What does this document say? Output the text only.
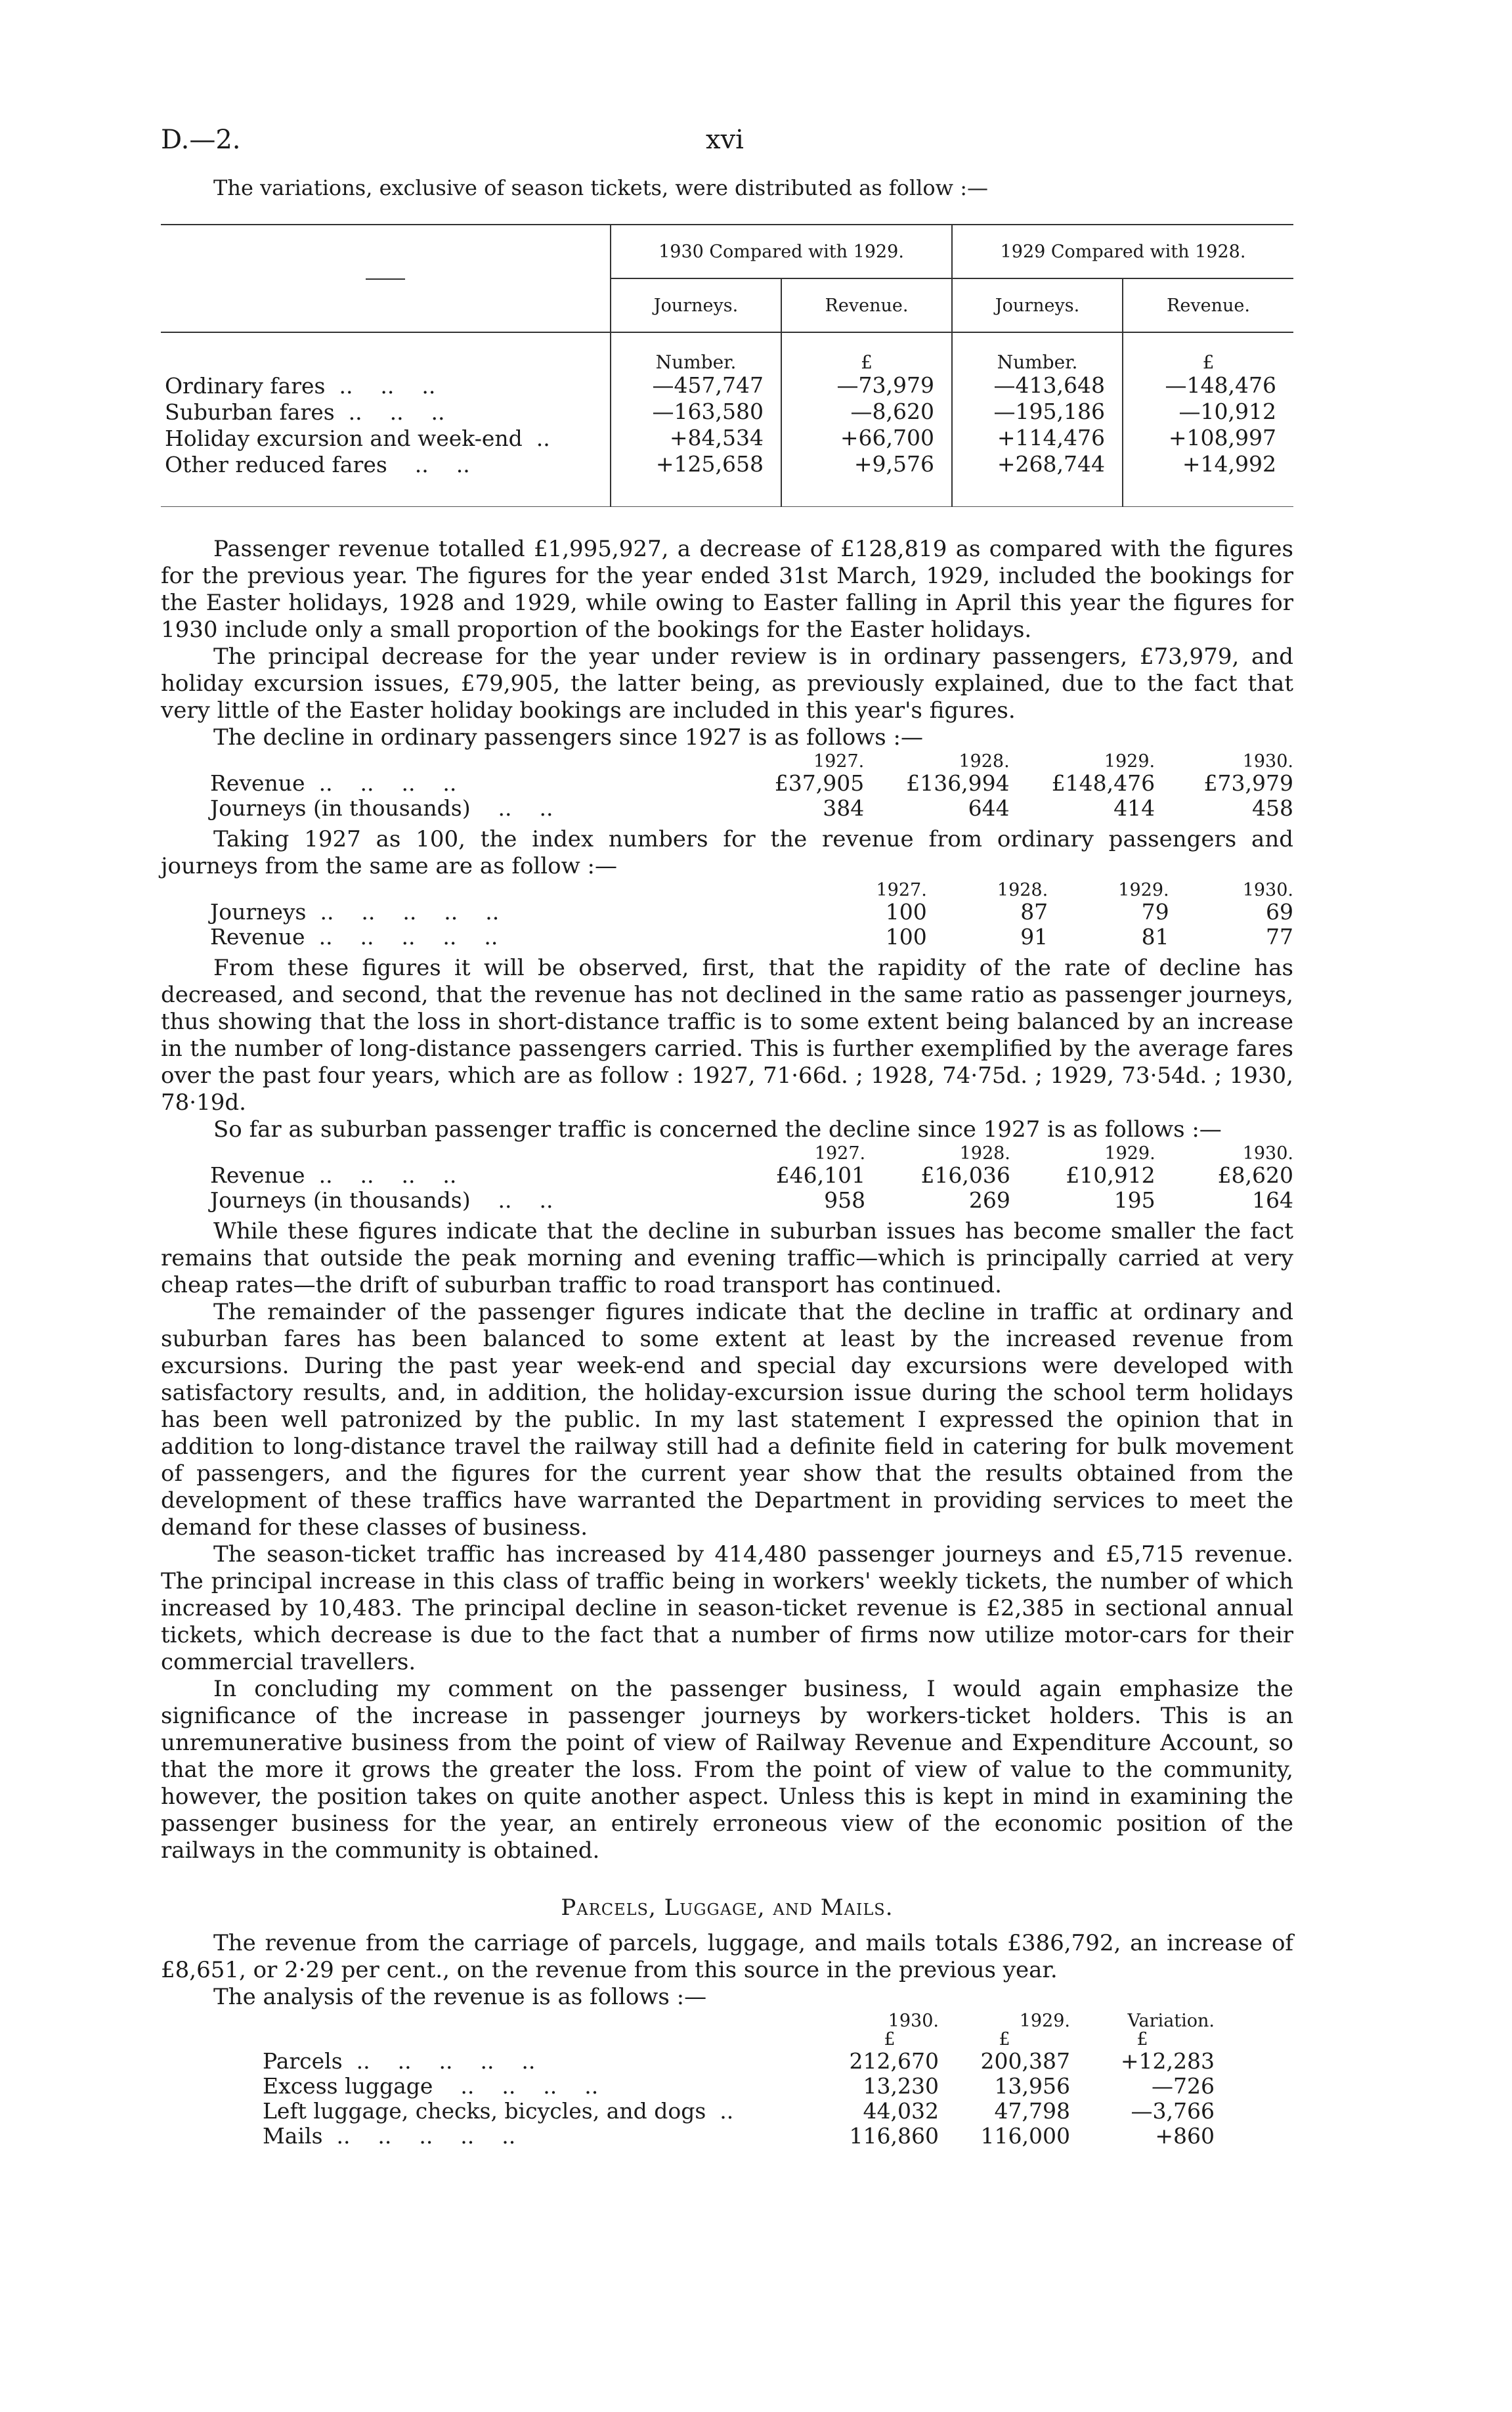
D.—2.	xvi

The variations, exclusive of season tickets, were distributed as follow :—

	1930 Compared with 1929.		1929 Compared with 1928.	
	Journeys.	Revenue.	Journeys.	Revenue.
	Number.	£	Number.	£
Ordinary fares  ..    ..    ..	—457,747	—73,979	—413,648	—148,476
Suburban fares  ..    ..    ..	—163,580	—8,620	—195,186	—10,912
Holiday excursion and week-end  ..	+84,534	+66,700	+114,476	+108,997
Other reduced fares    ..    ..	+125,658	+9,576	+268,744	+14,992

Passenger revenue totalled £1,995,927, a decrease of £128,819 as compared with the figures for the previous year. The figures for the year ended 31st March, 1929, included the bookings for the Easter holidays, 1928 and 1929, while owing to Easter falling in April this year the figures for 1930 include only a small proportion of the bookings for the Easter holidays.

The principal decrease for the year under review is in ordinary passengers, £73,979, and holiday excursion issues, £79,905, the latter being, as previously explained, due to the fact that very little of the Easter holiday bookings are included in this year's figures.

The decline in ordinary passengers since 1927 is as follows :—

	1927.	1928.	1929.	1930.
Revenue  ..    ..    ..    ..	£37,905	£136,994	£148,476	£73,979
Journeys (in thousands)    ..    ..	384	644	414	458

Taking 1927 as 100, the index numbers for the revenue from ordinary passengers and journeys from the same are as follow :—

	1927.	1928.	1929.	1930.
Journeys  ..    ..    ..    ..    ..	100	87	79	69
Revenue  ..    ..    ..    ..    ..	100	91	81	77

From these figures it will be observed, first, that the rapidity of the rate of decline has decreased, and second, that the revenue has not declined in the same ratio as passenger journeys, thus showing that the loss in short-distance traffic is to some extent being balanced by an increase in the number of long-distance passengers carried. This is further exemplified by the average fares over the past four years, which are as follow : 1927, 71·66d. ; 1928, 74·75d. ; 1929, 73·54d. ; 1930, 78·19d.

So far as suburban passenger traffic is concerned the decline since 1927 is as follows :—

	1927.	1928.	1929.	1930.
Revenue  ..    ..    ..    ..	£46,101	£16,036	£10,912	£8,620
Journeys (in thousands)    ..    ..	958	269	195	164

While these figures indicate that the decline in suburban issues has become smaller the fact remains that outside the peak morning and evening traffic—which is principally carried at very cheap rates—the drift of suburban traffic to road transport has continued.

The remainder of the passenger figures indicate that the decline in traffic at ordinary and suburban fares has been balanced to some extent at least by the increased revenue from excursions. During the past year week-end and special day excursions were developed with satisfactory results, and, in addition, the holiday-excursion issue during the school term holidays has been well patronized by the public. In my last statement I expressed the opinion that in addition to long-distance travel the railway still had a definite field in catering for bulk movement of passengers, and the figures for the current year show that the results obtained from the development of these traffics have warranted the Department in providing services to meet the demand for these classes of business.

The season-ticket traffic has increased by 414,480 passenger journeys and £5,715 revenue. The principal increase in this class of traffic being in workers' weekly tickets, the number of which increased by 10,483. The principal decline in season-ticket revenue is £2,385 in sectional annual tickets, which decrease is due to the fact that a number of firms now utilize motor-cars for their commercial travellers.

In concluding my comment on the passenger business, I would again emphasize the significance of the increase in passenger journeys by workers-ticket holders. This is an unremunerative business from the point of view of Railway Revenue and Expenditure Account, so that the more it grows the greater the loss. From the point of view of value to the community, however, the position takes on quite another aspect. Unless this is kept in mind in examining the passenger business for the year, an entirely erroneous view of the economic position of the railways in the community is obtained.

Parcels, Luggage, and Mails.

The revenue from the carriage of parcels, luggage, and mails totals £386,792, an increase of £8,651, or 2·29 per cent., on the revenue from this source in the previous year.

The analysis of the revenue is as follows :—

	1930.	1929.	Variation.
	£	£	£
Parcels  ..    ..    ..    ..    ..	212,670	200,387	+12,283
Excess luggage    ..    ..    ..    ..	13,230	13,956	—726
Left luggage, checks, bicycles, and dogs  ..	44,032	47,798	—3,766
Mails  ..    ..    ..    ..    ..	116,860	116,000	+860
